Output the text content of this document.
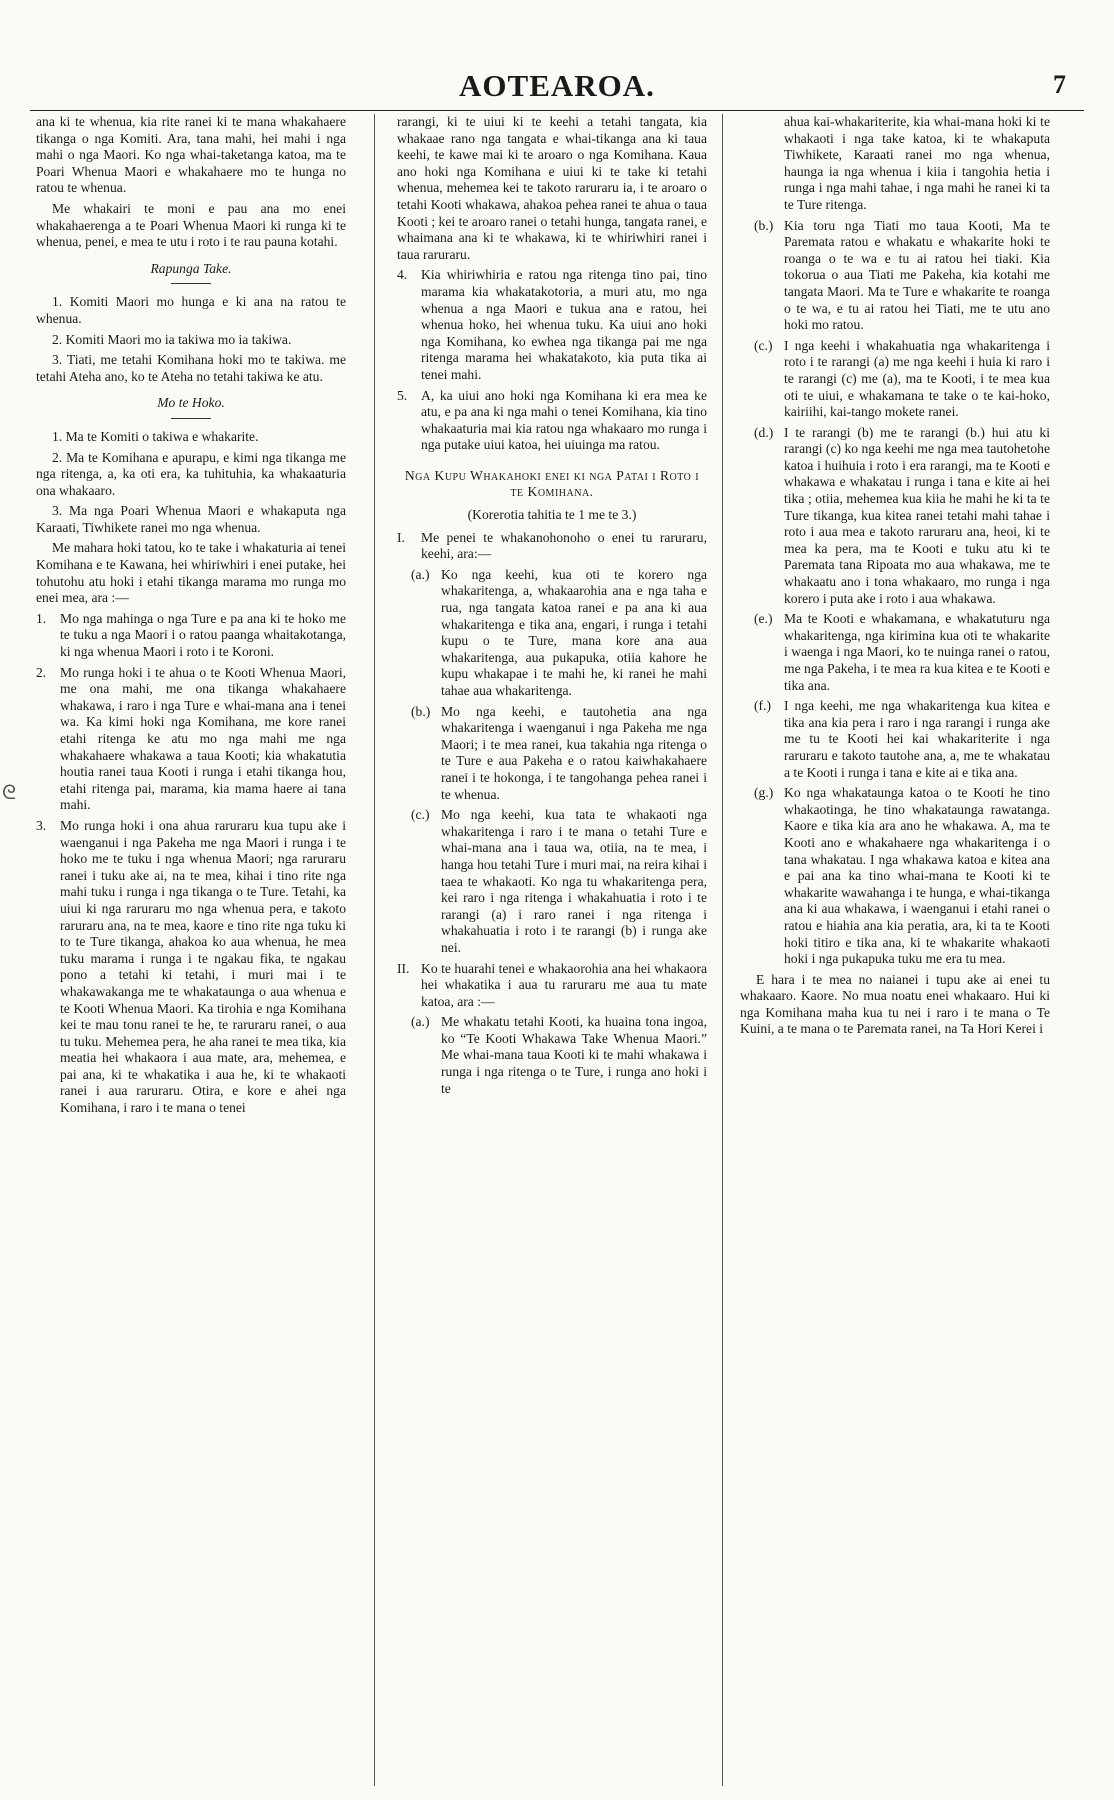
AOTEAROA.	7
ᘓ

ana ki te whenua, kia rite ranei ki te mana whakahaere tikanga o nga Komiti. Ara, tana mahi, hei mahi i nga mahi o nga Maori. Ko nga whai-taketanga katoa, ma te Poari Whenua Maori e whakahaere mo te hunga no ratou te whenua.

Me whakairi te moni e pau ana mo enei whakahaerenga a te Poari Whenua Maori ki runga ki te whenua, penei, e mea te utu i roto i te rau pauna kotahi.

Rapunga Take.

1. Komiti Maori mo hunga e ki ana na ratou te whenua.

2. Komiti Maori mo ia takiwa mo ia takiwa.

3. Tiati, me tetahi Komihana hoki mo te takiwa. me tetahi Ateha ano, ko te Ateha no tetahi takiwa ke atu.

Mo te Hoko.

1. Ma te Komiti o takiwa e whakarite.

2. Ma te Komihana e apurapu, e kimi nga tikanga me nga ritenga, a, ka oti era, ka tuhituhia, ka whakaaturia ona whakaaro.

3. Ma nga Poari Whenua Maori e whakaputa nga Karaati, Tiwhikete ranei mo nga whenua.

Me mahara hoki tatou, ko te take i whakaturia ai tenei Komihana e te Kawana, hei whiriwhiri i enei putake, hei tohutohu atu hoki i etahi tikanga marama mo runga mo enei mea, ara :—

1.	Mo nga mahinga o nga Ture e pa ana ki te hoko me te tuku a nga Maori i o ratou paanga whaitakotanga, ki nga whenua Maori i roto i te Koroni.
2.	Mo runga hoki i te ahua o te Kooti Whenua Maori, me ona mahi, me ona tikanga whakahaere whakawa, i raro i nga Ture e whai-mana ana i tenei wa. Ka kimi hoki nga Komihana, me kore ranei etahi ritenga ke atu mo nga mahi me nga whakahaere whakawa a taua Kooti; kia whakatutia houtia ranei taua Kooti i runga i etahi tikanga hou, etahi ritenga pai, marama, kia mama haere ai tana mahi.
3.	Mo runga hoki i ona ahua raruraru kua tupu ake i waenganui i nga Pakeha me nga Maori i runga i te hoko me te tuku i nga whenua Maori; nga raruraru ranei i tuku ake ai, na te mea, kihai i tino rite nga mahi tuku i runga i nga tikanga o te Ture. Tetahi, ka uiui ki nga raruraru mo nga whenua pera, e takoto raruraru ana, na te mea, kaore e tino rite nga tuku ki to te Ture tikanga, ahakoa ko aua whenua, he mea tuku marama i runga i te ngakau fika, te ngakau pono a tetahi ki tetahi, i muri mai i te whakawakanga me te whakataunga o aua whenua e te Kooti Whenua Maori. Ka tirohia e nga Komihana kei te mau tonu ranei te he, te raruraru ranei, o aua tu tuku. Mehemea pera, he aha ranei te mea tika, kia meatia hei whakaora i aua mate, ara, mehemea, e pai ana, ki te whakatika i aua he, ki te whakaoti ranei i aua raruraru. Otira, e kore e ahei nga Komihana, i raro i te mana o tenei

rarangi, ki te uiui ki te keehi a tetahi tangata, kia whakaae rano nga tangata e whai-tikanga ana ki taua keehi, te kawe mai ki te aroaro o nga Komihana. Kaua ano hoki nga Komihana e uiui ki te take ki tetahi whenua, mehemea kei te takoto raruraru ia, i te aroaro o tetahi Kooti whakawa, ahakoa pehea ranei te ahua o taua Kooti ; kei te aroaro ranei o tetahi hunga, tangata ranei, e whaimana ana ki te whakawa, ki te whiriwhiri ranei i taua raruraru.

4.	Kia whiriwhiria e ratou nga ritenga tino pai, tino marama kia whakatakotoria, a muri atu, mo nga whenua a nga Maori e tukua ana e ratou, hei whenua hoko, hei whenua tuku. Ka uiui ano hoki nga Komihana, ko ewhea nga tikanga pai me nga ritenga marama hei whakatakoto, kia puta tika ai tenei mahi.
5.	A, ka uiui ano hoki nga Komihana ki era mea ke atu, e pa ana ki nga mahi o tenei Komihana, kia tino whakaaturia mai kia ratou nga whakaaro mo runga i nga putake uiui katoa, hei uiuinga ma ratou.
Nga Kupu Whakahoki enei ki nga Patai i Roto i te Komihana.
(Korerotia tahitia te 1 me te 3.)
I.	Me penei te whakanohonoho o enei tu raruraru, keehi, ara:—
(a.) Ko nga keehi, kua oti te korero nga whakaritenga, a, whakaarohia ana e nga taha e rua, nga tangata katoa ranei e pa ana ki aua whakaritenga e tika ana, engari, i runga i tetahi kupu o te Ture, mana kore ana aua whakaritenga, aua pukapuka, otiia kahore he kupu whakapae i te mahi he, ki ranei he mahi tahae aua whakaritenga.
(b.) Mo nga keehi, e tautohetia ana nga whakaritenga i waenganui i nga Pakeha me nga Maori; i te mea ranei, kua takahia nga ritenga o te Ture e aua Pakeha e o ratou kaiwhakahaere ranei i te hokonga, i te tangohanga pehea ranei i te whenua.
(c.) Mo nga keehi, kua tata te whakaoti nga whakaritenga i raro i te mana o tetahi Ture e whai-mana ana i taua wa, otiia, na te mea, i hanga hou tetahi Ture i muri mai, na reira kihai i taea te whakaoti. Ko nga tu whakaritenga pera, kei raro i nga ritenga i whakahuatia i roto i te rarangi (a) i raro ranei i nga ritenga i whakahuatia i roto i te rarangi (b) i runga ake nei.
II. Ko te huarahi tenei e whakaorohia ana hei whakaora hei whakatika i aua tu raruraru me aua tu mate katoa, ara :—
(a.) Me whakatu tetahi Kooti, ka huaina tona ingoa, ko “Te Kooti Whakawa Take Whenua Maori.” Me whai-mana taua Kooti ki te mahi whakawa i runga i nga ritenga o te Ture, i runga ano hoki i te

ahua kai-whakariterite, kia whai-mana hoki ki te whakaoti i nga take katoa, ki te whakaputa Tiwhikete, Karaati ranei mo nga whenua, haunga ia nga whenua i kiia i tangohia hetia i runga i nga mahi tahae, i nga mahi he ranei ki ta te Ture ritenga.

(b.) Kia toru nga Tiati mo taua Kooti, Ma te Paremata ratou e whakatu e whakarite hoki te roanga o te wa e tu ai ratou hei tiaki. Kia tokorua o aua Tiati me Pakeha, kia kotahi me tangata Maori. Ma te Ture e whakarite te roanga o te wa, e tu ai ratou hei Tiati, me te utu ano hoki mo ratou.
(c.) I nga keehi i whakahuatia nga whakaritenga i roto i te rarangi (a) me nga keehi i huia ki raro i te rarangi (c) me (a), ma te Kooti, i te mea kua oti te uiui, e whakamana te take o te kai-hoko, kairiihi, kai-tango mokete ranei.
(d.) I te rarangi (b) me te rarangi (b.) hui atu ki rarangi (c) ko nga keehi me nga mea tautohetohe katoa i huihuia i roto i era rarangi, ma te Kooti e whakawa e whakatau i runga i tana e kite ai hei tika ; otiia, mehemea kua kiia he mahi he ki ta te Ture tikanga, kua kitea ranei tetahi mahi tahae i roto i aua mea e takoto raruraru ana, heoi, ki te mea ka pera, ma te Kooti e tuku atu ki te Paremata tana Ripoata mo aua whakawa, me te whakaatu ano i tona whakaaro, mo runga i nga korero i puta ake i roto i aua whakawa.
(e.) Ma te Kooti e whakamana, e whakatuturu nga whakaritenga, nga kirimina kua oti te whakarite i waenga i nga Maori, ko te nuinga ranei o ratou, me nga Pakeha, i te mea ra kua kitea e te Kooti e tika ana.
(f.) I nga keehi, me nga whakaritenga kua kitea e tika ana kia pera i raro i nga rarangi i runga ake me tu te Kooti hei kai whakariterite i nga raruraru e takoto tautohe ana, a, me te whakatau a te Kooti i runga i tana e kite ai e tika ana.
(g.) Ko nga whakataunga katoa o te Kooti he tino whakaotinga, he tino whakataunga rawatanga. Kaore e tika kia ara ano he whakawa. A, ma te Kooti ano e whakahaere nga whakaritenga i o tana whakatau. I nga whakawa katoa e kitea ana e pai ana ka tino whai-mana te Kooti ki te whakarite wawahanga i te hunga, e whai-tikanga ana ki aua whakawa, i waenganui i etahi ranei o ratou e hiahia ana kia peratia, ara, ki ta te Kooti hoki titiro e tika ana, ki te whakarite whakaoti hoki i nga pukapuka tuku me era tu mea.

E hara i te mea no naianei i tupu ake ai enei tu whakaaro. Kaore. No mua noatu enei whakaaro. Hui ki nga Komihana maha kua tu nei i raro i te mana o Te Kuini, a te mana o te Paremata ranei, na Ta Hori Kerei i
